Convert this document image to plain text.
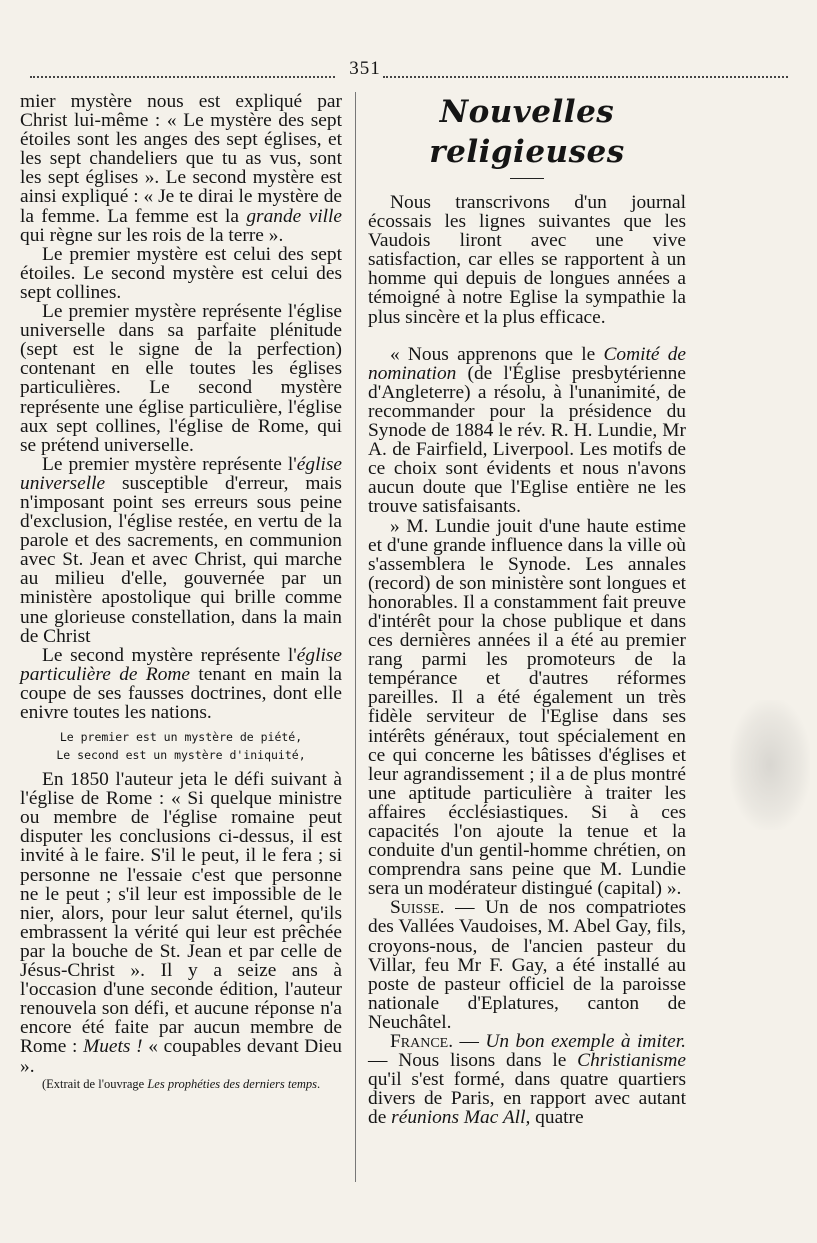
351

mier mystère nous est expliqué par Christ lui-même : « Le mystère des sept étoiles sont les anges des sept églises, et les sept chandeliers que tu as vus, sont les sept églises ». Le second mystère est ainsi expliqué : « Je te dirai le mystère de la femme. La femme est la grande ville qui règne sur les rois de la terre ».

Le premier mystère est celui des sept étoiles. Le second mystère est celui des sept collines.

Le premier mystère représente l'église universelle dans sa parfaite plénitude (sept est le signe de la perfection) contenant en elle toutes les églises particulières. Le second mystère représente une église particulière, l'église aux sept collines, l'église de Rome, qui se prétend universelle.

Le premier mystère représente l'église universelle susceptible d'erreur, mais n'imposant point ses erreurs sous peine d'exclusion, l'église restée, en vertu de la parole et des sacrements, en communion avec St. Jean et avec Christ, qui marche au milieu d'elle, gouvernée par un ministère apostolique qui brille comme une glorieuse constellation, dans la main de Christ

Le second mystère représente l'église particulière de Rome tenant en main la coupe de ses fausses doctrines, dont elle enivre toutes les nations.

Le premier est un mystère de piété,
Le second est un mystère d'iniquité,

En 1850 l'auteur jeta le défi suivant à l'église de Rome : « Si quelque ministre ou membre de l'église romaine peut disputer les conclusions ci-dessus, il est invité à le faire. S'il le peut, il le fera ; si personne ne l'essaie c'est que personne ne le peut ; s'il leur est impossible de le nier, alors, pour leur salut éternel, qu'ils embrassent la vérité qui leur est prêchée par la bouche de St. Jean et par celle de Jésus-Christ ». Il y a seize ans à l'occasion d'une seconde édition, l'auteur renouvela son défi, et aucune réponse n'a encore été faite par aucun membre de Rome : Muets ! « coupables devant Dieu ».

(Extrait de l'ouvrage Les prophéties des derniers temps.

Nouvelles religieuses

Nous transcrivons d'un journal écossais les lignes suivantes que les Vaudois liront avec une vive satisfaction, car elles se rapportent à un homme qui depuis de longues années a témoigné à notre Eglise la sympathie la plus sincère et la plus efficace.

« Nous apprenons que le Comité de nomination (de l'Église presbytérienne d'Angleterre) a résolu, à l'unanimité, de recommander pour la présidence du Synode de 1884 le rév. R. H. Lundie, Mr A. de Fairfield, Liverpool. Les motifs de ce choix sont évidents et nous n'avons aucun doute que l'Eglise entière ne les trouve satisfaisants.

» M. Lundie jouit d'une haute estime et d'une grande influence dans la ville où s'assemblera le Synode. Les annales (record) de son ministère sont longues et honorables. Il a constamment fait preuve d'intérêt pour la chose publique et dans ces dernières années il a été au premier rang parmi les promoteurs de la tempérance et d'autres réformes pareilles. Il a été également un très fidèle serviteur de l'Eglise dans ses intérêts généraux, tout spécialement en ce qui concerne les bâtisses d'églises et leur agrandissement ; il a de plus montré une aptitude particulière à traiter les affaires écclésiastiques. Si à ces capacités l'on ajoute la tenue et la conduite d'un gentil-homme chrétien, on comprendra sans peine que M. Lundie sera un modérateur distingué (capital) ».

Suisse. — Un de nos compatriotes des Vallées Vaudoises, M. Abel Gay, fils, croyons-nous, de l'ancien pasteur du Villar, feu Mr F. Gay, a été installé au poste de pasteur officiel de la paroisse nationale d'Eplatures, canton de Neuchâtel.

France. — Un bon exemple à imiter. — Nous lisons dans le Christianisme qu'il s'est formé, dans quatre quartiers divers de Paris, en rapport avec autant de réunions Mac All, quatre
